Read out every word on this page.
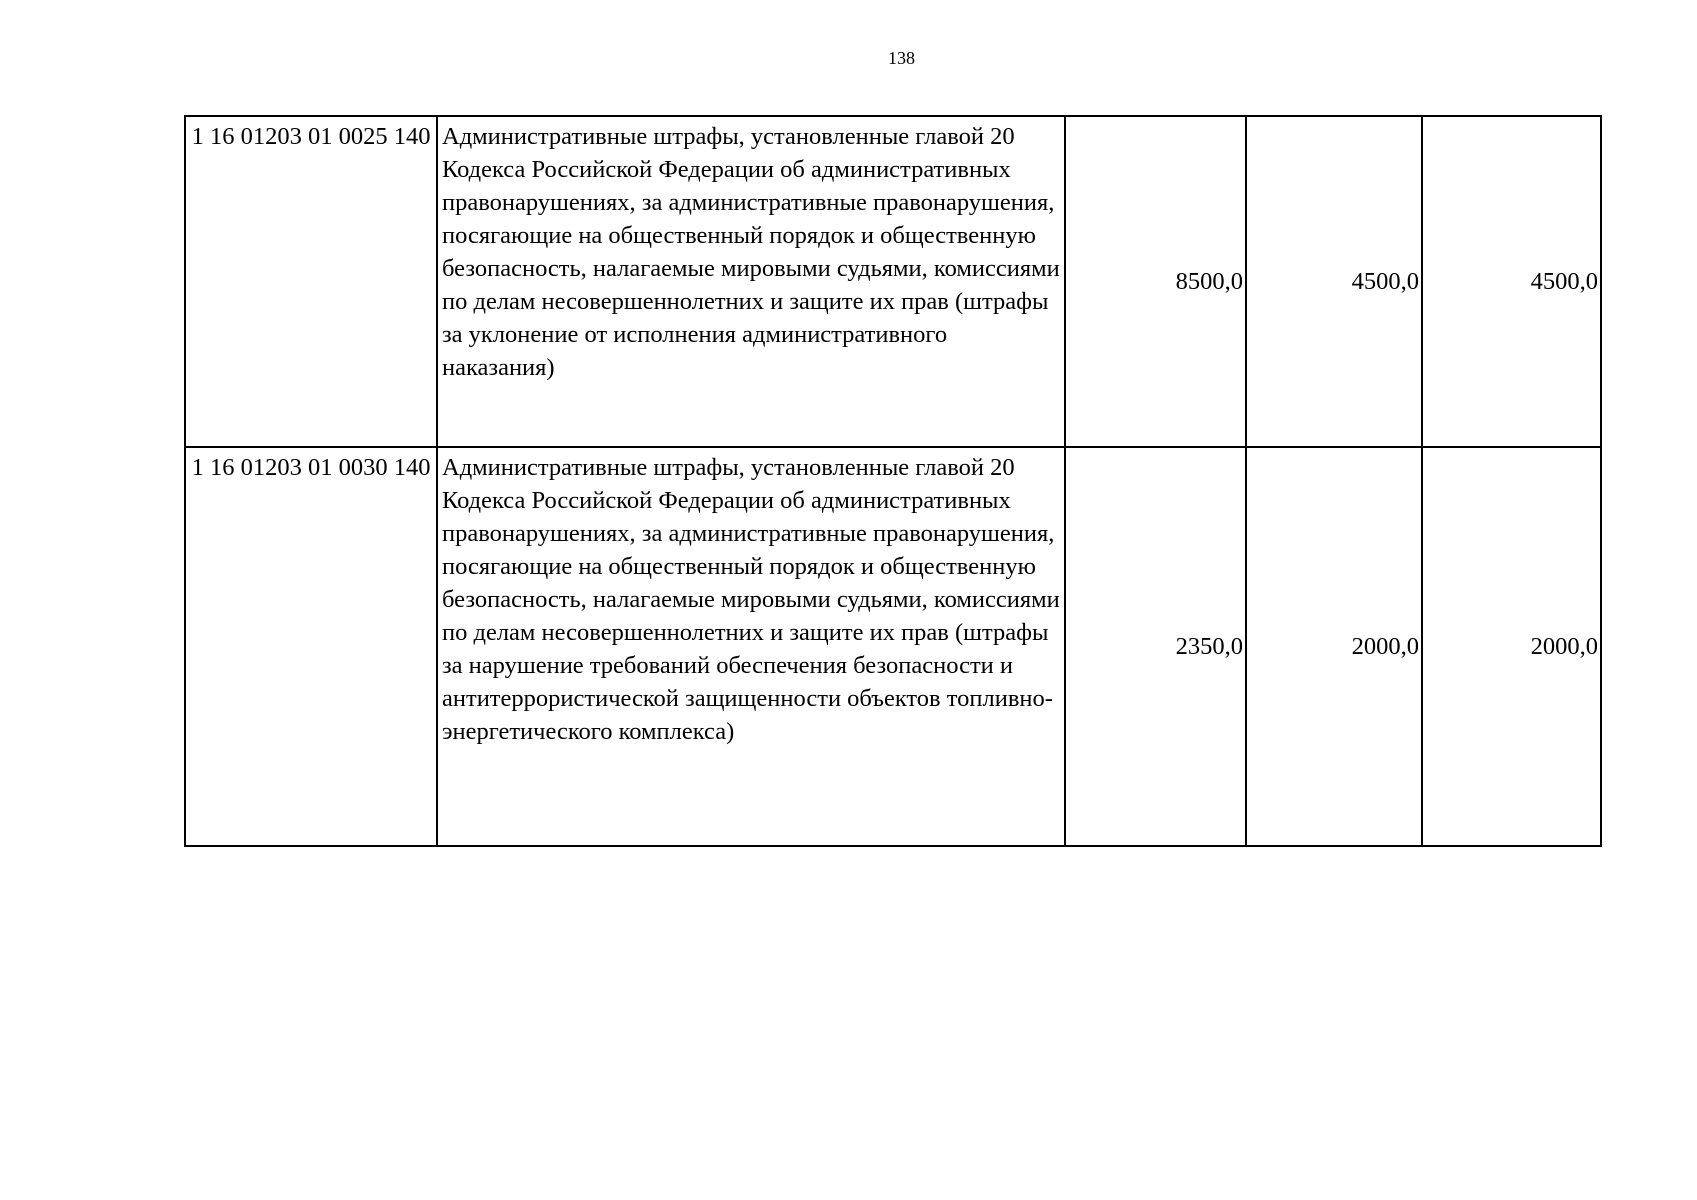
138
1 16 01203 01 0025 140	Административные штрафы, установленные главой 20 Кодекса Российской Федерации об административных правонарушениях, за административные правонарушения, посягающие на общественный порядок и общественную безопасность, налагаемые мировыми судьями, комиссиями по делам несовершеннолетних и защите их прав (штрафы за уклонение от исполнения административного наказания)	8500,0	4500,0	4500,0
1 16 01203 01 0030 140	Административные штрафы, установленные главой 20 Кодекса Российской Федерации об административных правонарушениях, за административные правонарушения, посягающие на общественный порядок и общественную безопасность, налагаемые мировыми судьями, комиссиями по делам несовершеннолетних и защите их прав (штрафы за нарушение требований обеспечения безопасности и антитеррористической защищенности объектов топливно-энергетического комплекса)	2350,0	2000,0	2000,0
